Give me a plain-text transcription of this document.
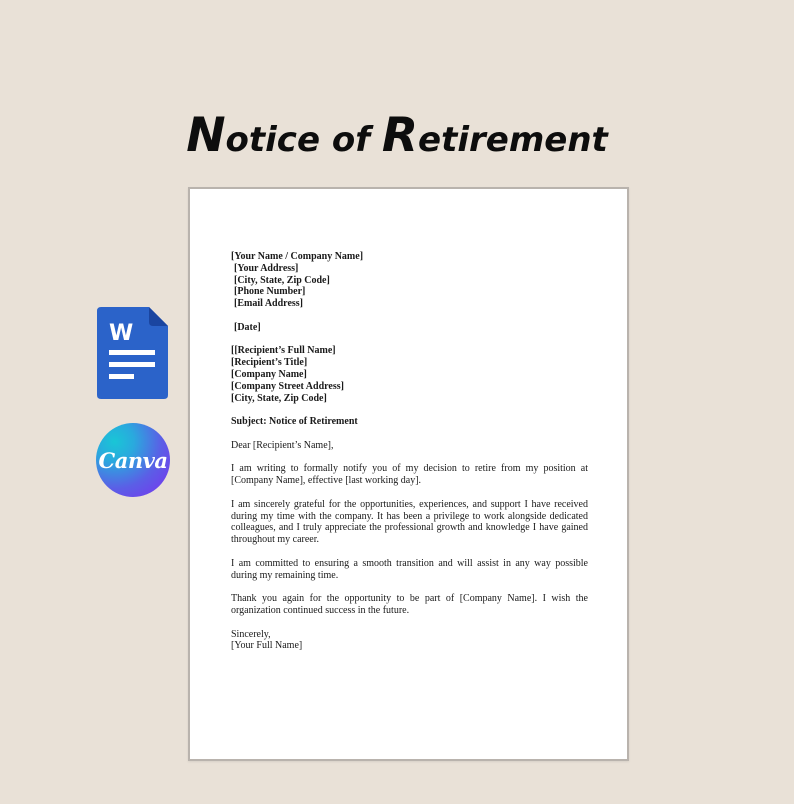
Notice of Retirement
W
Canva
[Your Name / Company Name]
[Your Address]
[City, State, Zip Code]
[Phone Number]
[Email Address]
[Date]
[[Recipient’s Full Name]
[Recipient’s Title]
[Company Name]
[Company Street Address]
[City, State, Zip Code]
Subject: Notice of Retirement
Dear [Recipient’s Name],

I am writing to formally notify you of my decision to retire from my position at [Company Name], effective [last working day].

I am sincerely grateful for the opportunities, experiences, and support I have received during my time with the company. It has been a privilege to work alongside dedicated colleagues, and I truly appreciate the professional growth and knowledge I have gained throughout my career.

I am committed to ensuring a smooth transition and will assist in any way possible during my remaining time.

Thank you again for the opportunity to be part of [Company Name]. I wish the organization continued success in the future.

Sincerely,
[Your Full Name]
